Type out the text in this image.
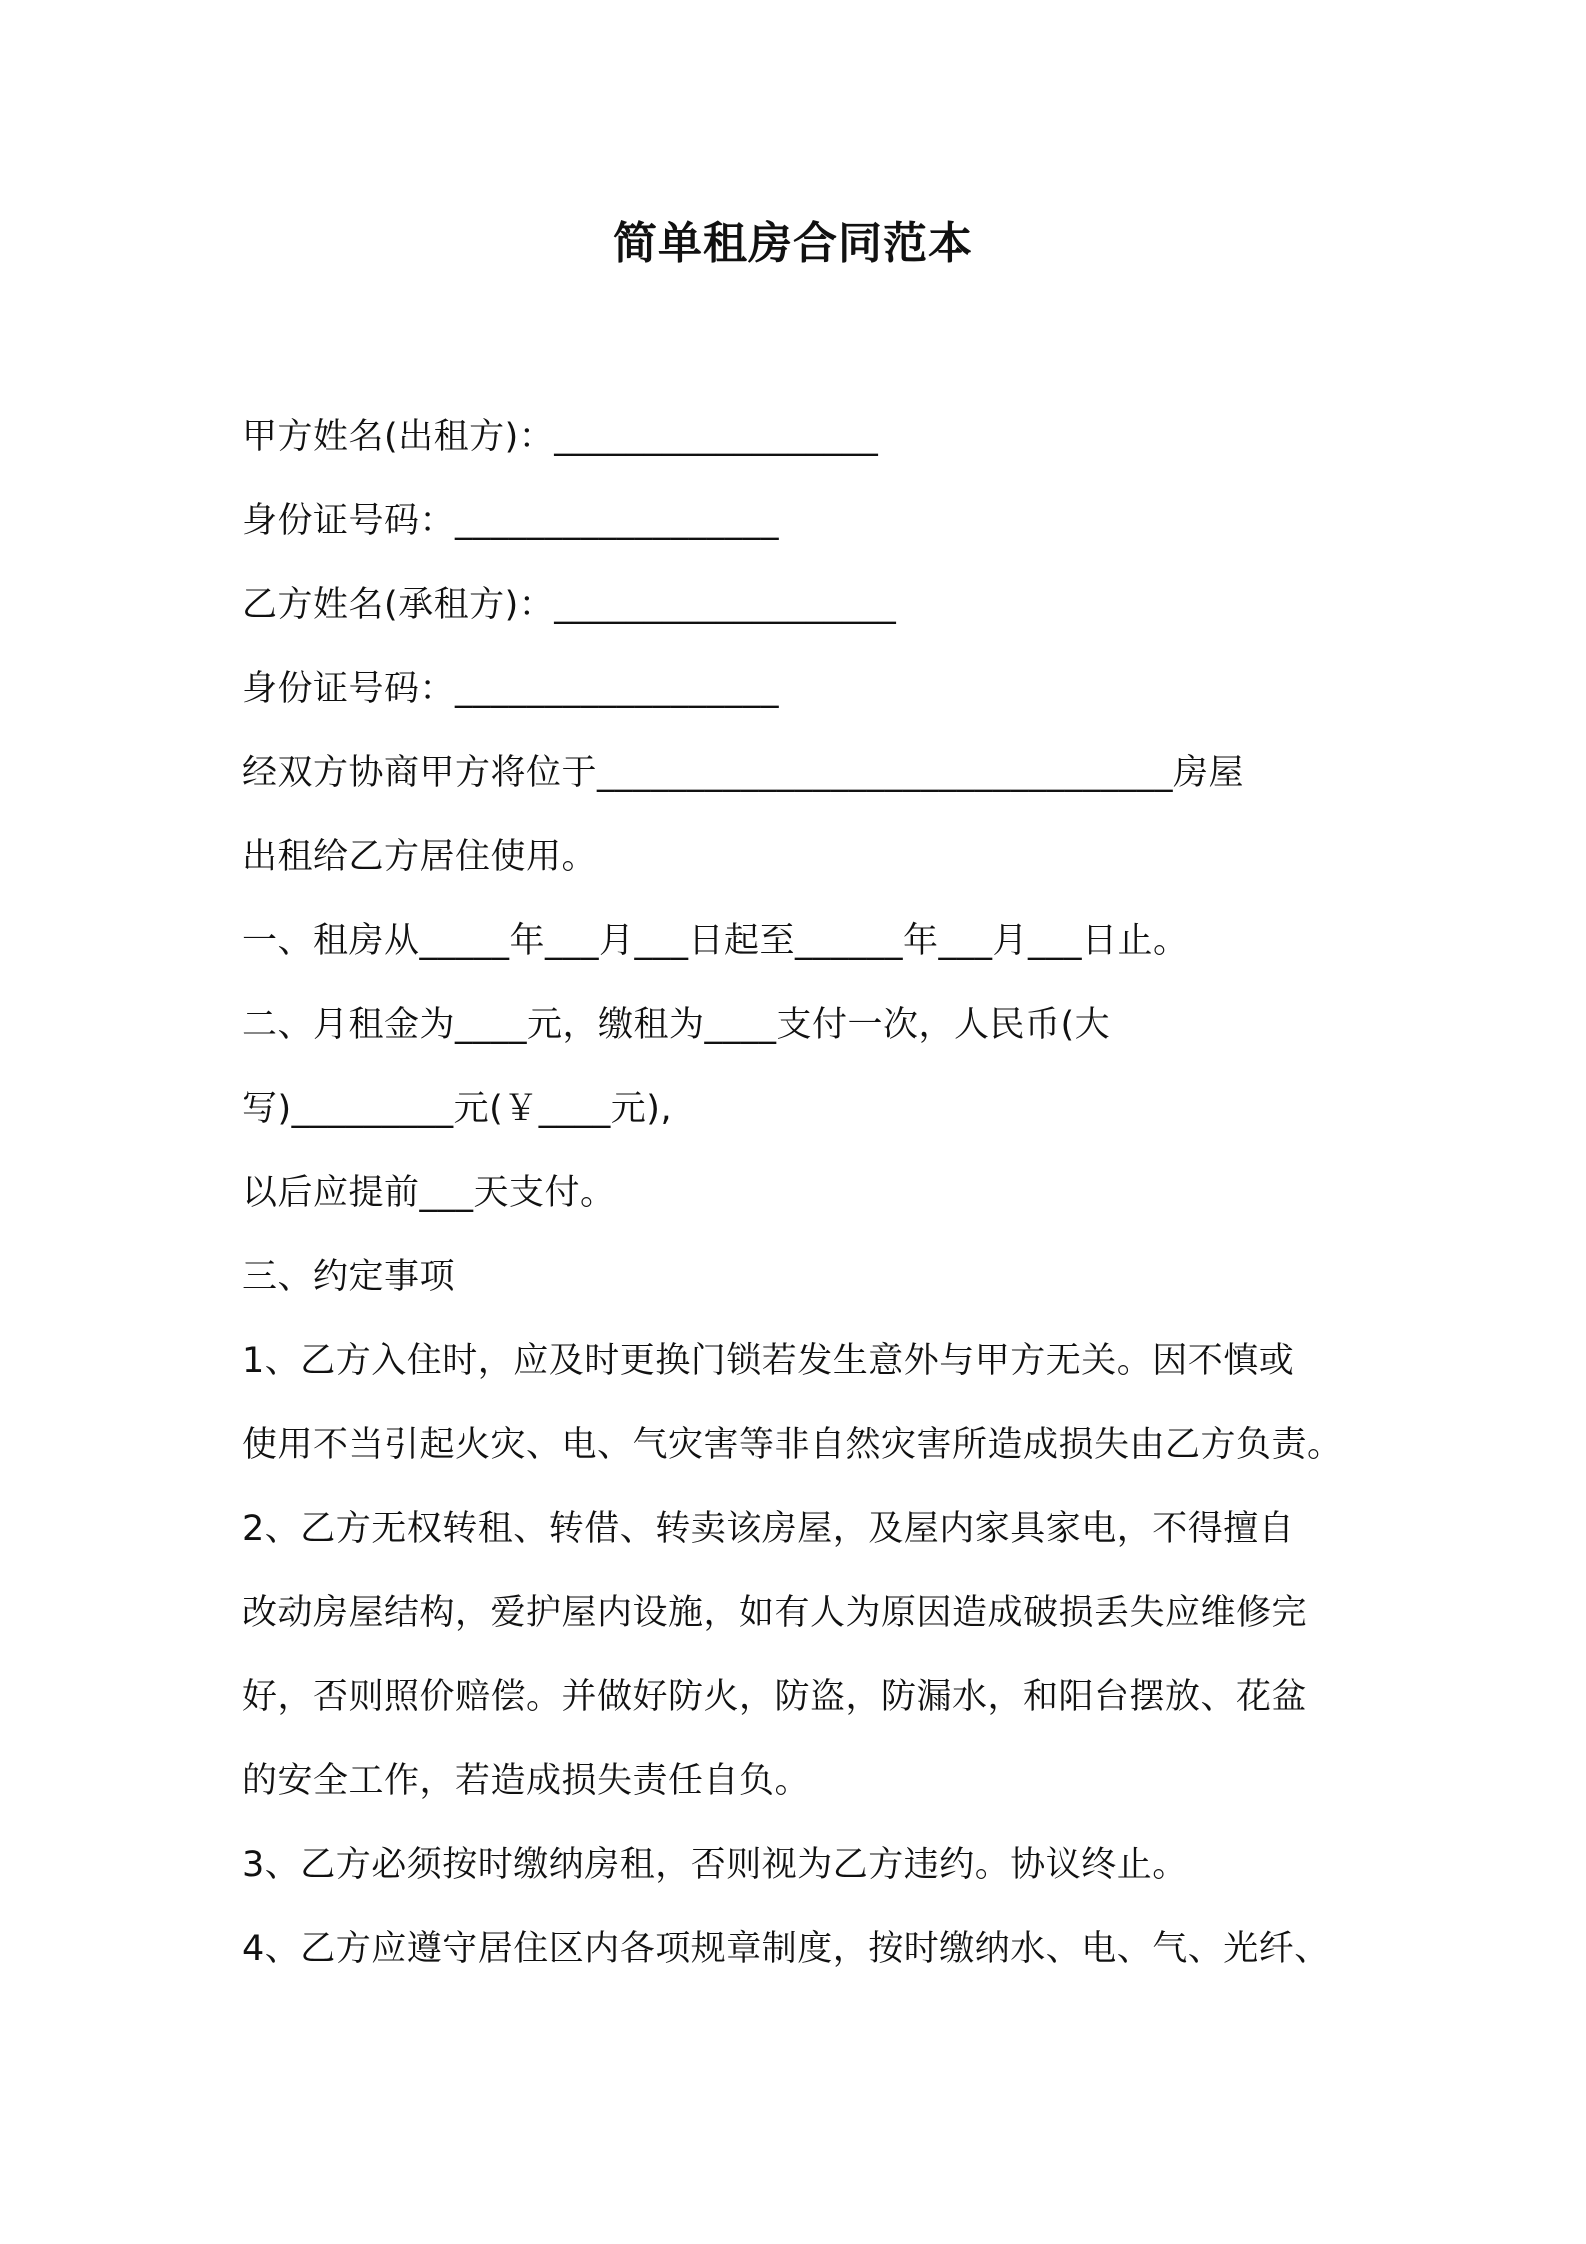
简单租房合同范本
甲方姓名(出租方)：__________________
身份证号码：__________________
乙方姓名(承租方)：___________________
身份证号码：__________________
经双方协商甲方将位于________________________________房屋
出租给乙方居住使用。
一、租房从_____年___月___日起至______年___月___日止。
二、月租金为____元，缴租为____支付一次，人民币(大
写)_________元(￥____元),
以后应提前___天支付。
三、约定事项
1、乙方入住时，应及时更换门锁若发生意外与甲方无关。因不慎或
使用不当引起火灾、电、气灾害等非自然灾害所造成损失由乙方负责。
2、乙方无权转租、转借、转卖该房屋，及屋内家具家电，不得擅自
改动房屋结构，爱护屋内设施，如有人为原因造成破损丢失应维修完
好，否则照价赔偿。并做好防火，防盗，防漏水，和阳台摆放、花盆
的安全工作，若造成损失责任自负。
3、乙方必须按时缴纳房租，否则视为乙方违约。协议终止。
4、乙方应遵守居住区内各项规章制度，按时缴纳水、电、气、光纤、
